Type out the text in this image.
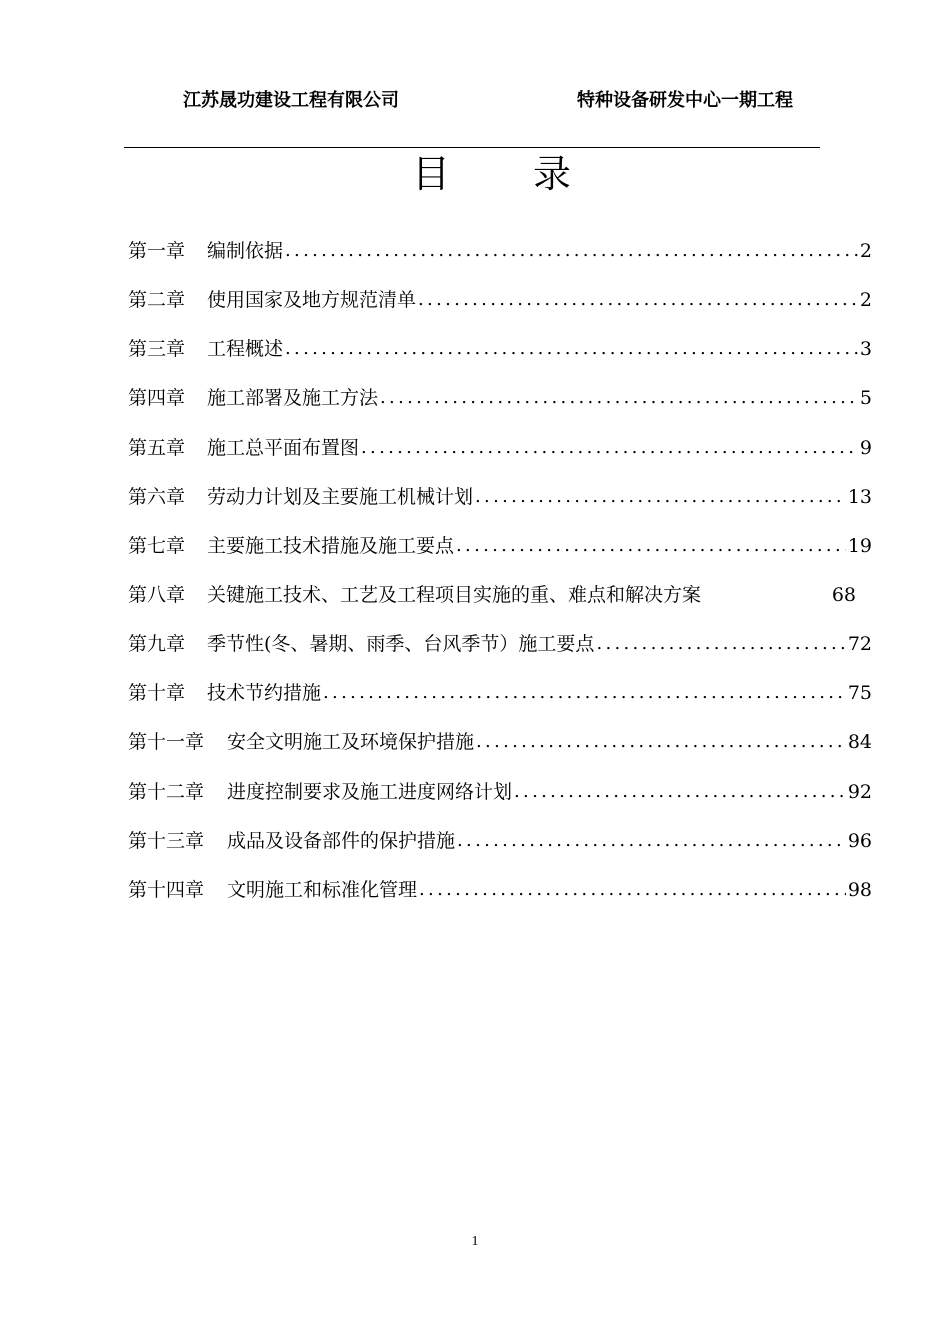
江苏晟功建设工程有限公司	特种设备研发中心一期工程
目 录
第一章 编制依据 .....	2
第二章 使用国家及地方规范清单 .....	2
第三章 工程概述 .....	3
第四章 施工部署及施工方法 .....	5
第五章 施工总平面布置图 .....	9
第六章 劳动力计划及主要施工机械计划 .....	13
第七章 主要施工技术措施及施工要点 .....	19
第八章 关键施工技术、工艺及工程项目实施的重、难点和解决方案	68
第九章 季节性(冬、暑期、雨季、台风季节）施工要点 .....	72
第十章 技术节约措施 .....	75
第十一章 安全文明施工及环境保护措施 .....	84
第十二章 进度控制要求及施工进度网络计划 .....	92
第十三章 成品及设备部件的保护措施 .....	96
第十四章 文明施工和标准化管理 .....	98
1
